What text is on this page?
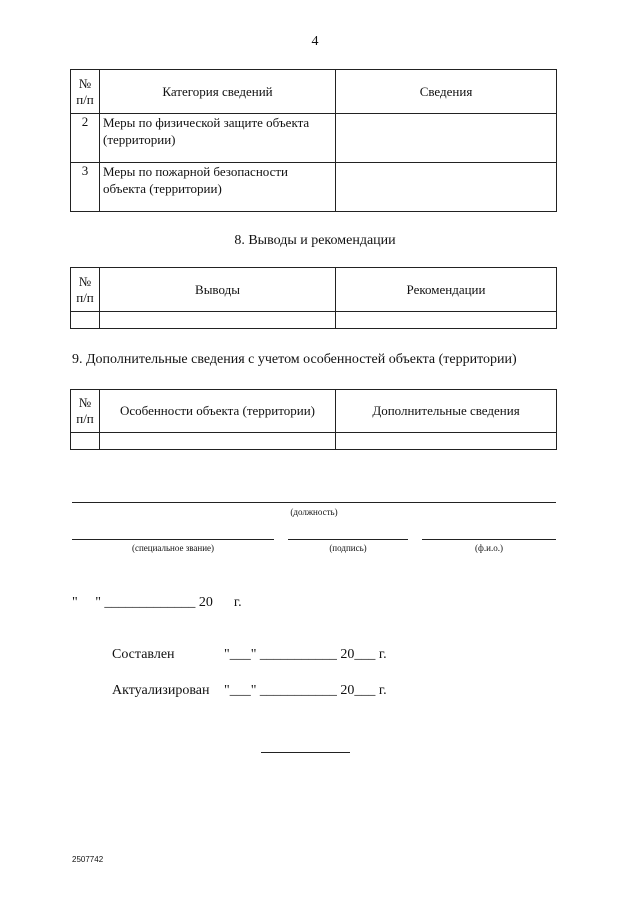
4
№
п/п	Категория сведений	Сведения
2	Меры по физической защите объекта (территории)	
3	Меры по пожарной безопасности объекта (территории)	
8. Выводы и рекомендации
№
п/п	Выводы	Рекомендации

9. Дополнительные сведения с учетом особенностей объекта (территории)
№
п/п	Особенности объекта (территории)	Дополнительные сведения

(должность)
(специальное звание)	(подпись)	(ф.и.о.)
"     " _____________ 20      г.
Составлен	"___" ___________ 20___ г.
Актуализирован "___" ___________ 20___ г.
2507742
